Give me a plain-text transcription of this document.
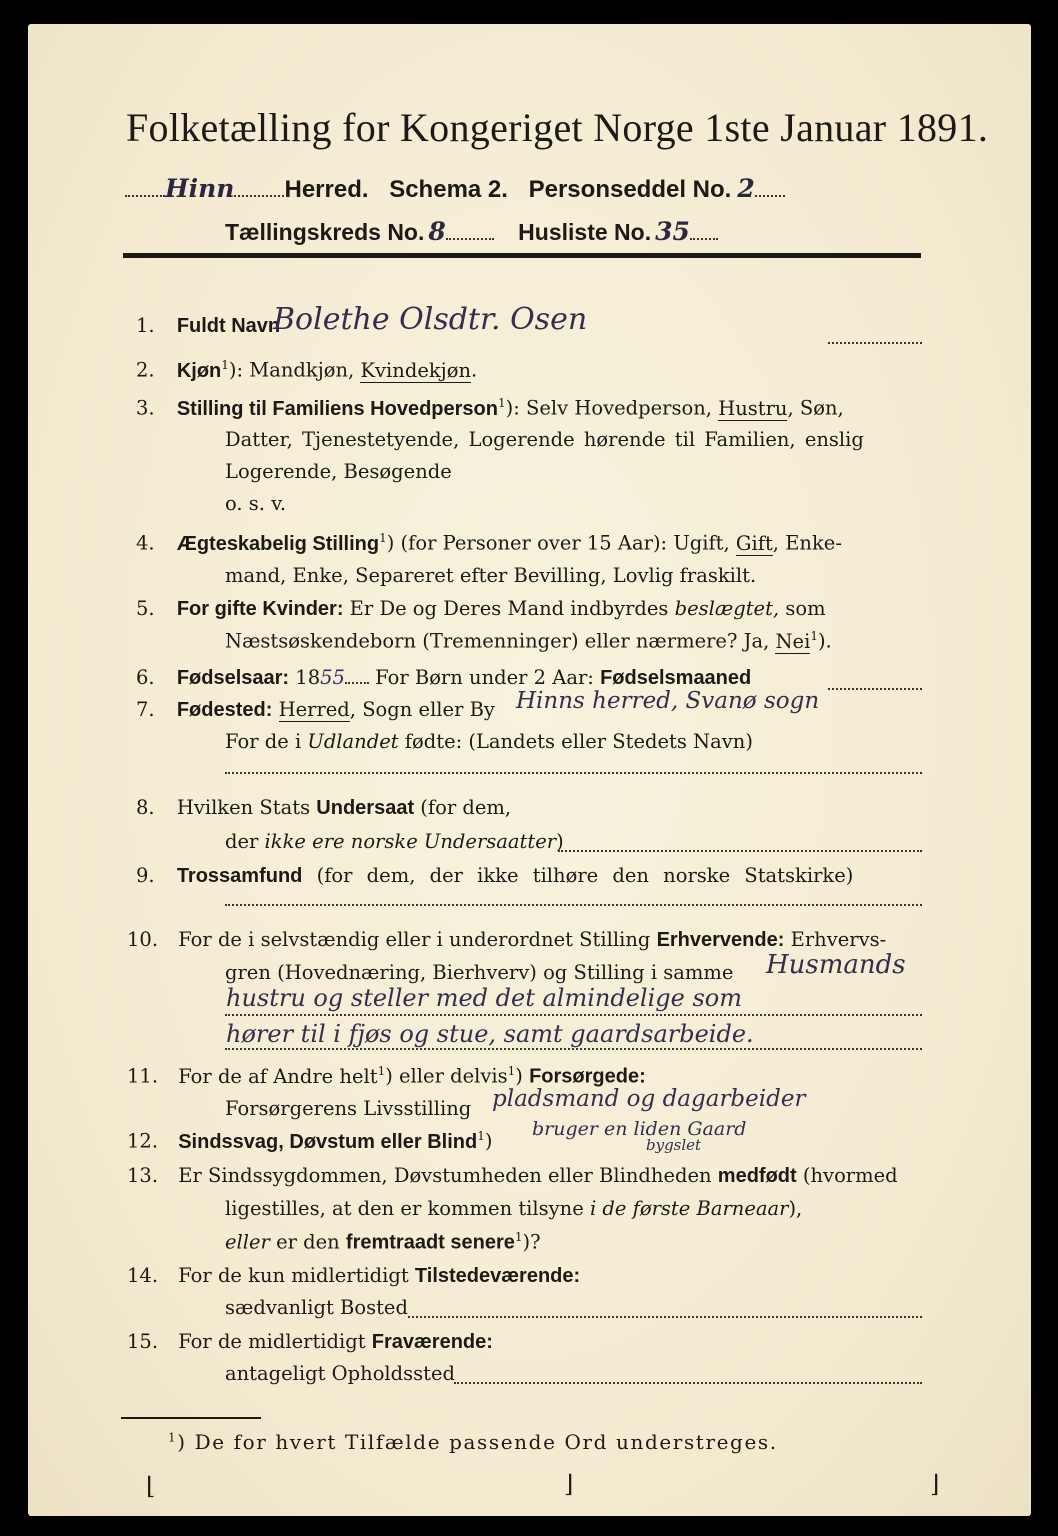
Folketælling for Kongeriget Norge 1ste Januar 1891.
Hinn Herred. Schema 2. Personseddel No. 2
Tællingskreds No. 8	Husliste No. 35
1. Fuldt Navn
Bolethe Olsdtr. Osen
2. Kjøn$^1$): Mandkjøn, Kvindekjøn.
3. Stilling til Familiens Hovedperson$^1$): Selv Hovedperson, Hustru, Søn,
Datter, Tjenestetyende, Logerende hørende til Familien, enslig
Logerende, Besøgende
o. s. v.
4. Ægteskabelig Stilling$^1$) (for Personer over 15 Aar): Ugift, Gift, Enke-
mand, Enke, Separeret efter Bevilling, Lovlig fraskilt.
5. For gifte Kvinder: Er De og Deres Mand indbyrdes beslægtet, som
Næstsøskendeborn (Tremenninger) eller nærmere? Ja, Nei$^1$).
6. Fødselsaar: 1855 For Børn under 2 Aar: Fødselsmaaned
7. Fødested: Herred, Sogn eller By Hinns herred, Svanø sogn
For de i Udlandet fødte: (Landets eller Stedets Navn)
8. Hvilken Stats Undersaat (for dem,
der ikke ere norske Undersaatter)
9. Trossamfund (for dem, der ikke tilhøre den norske Statskirke)
10. For de i selvstændig eller i underordnet Stilling Erhvervende: Erhvervs-
gren (Hovednæring, Bierhverv) og Stilling i samme Husmands
hustru og steller med det almindelige som
hører til i fjøs og stue, samt gaardsarbeide.
11. For de af Andre helt$^1$) eller delvis$^1$) Forsørgede:
Forsørgerens Livsstilling pladsmand og dagarbeider
12. Sindssvag, Døvstum eller Blind$^1$)
bruger en liden Gaard
bygslet
13. Er Sindssygdommen, Døvstumheden eller Blindheden medfødt (hvormed
ligestilles, at den er kommen tilsyne i de første Barneaar),
eller er den fremtraadt senere$^1$)?
14. For de kun midlertidigt Tilstedeværende:
sædvanligt Bosted
15. For de midlertidigt Fraværende:
antageligt Opholdssted
$^1$) De for hvert Tilfælde passende Ord understreges.
⌊	⌋	⌋
